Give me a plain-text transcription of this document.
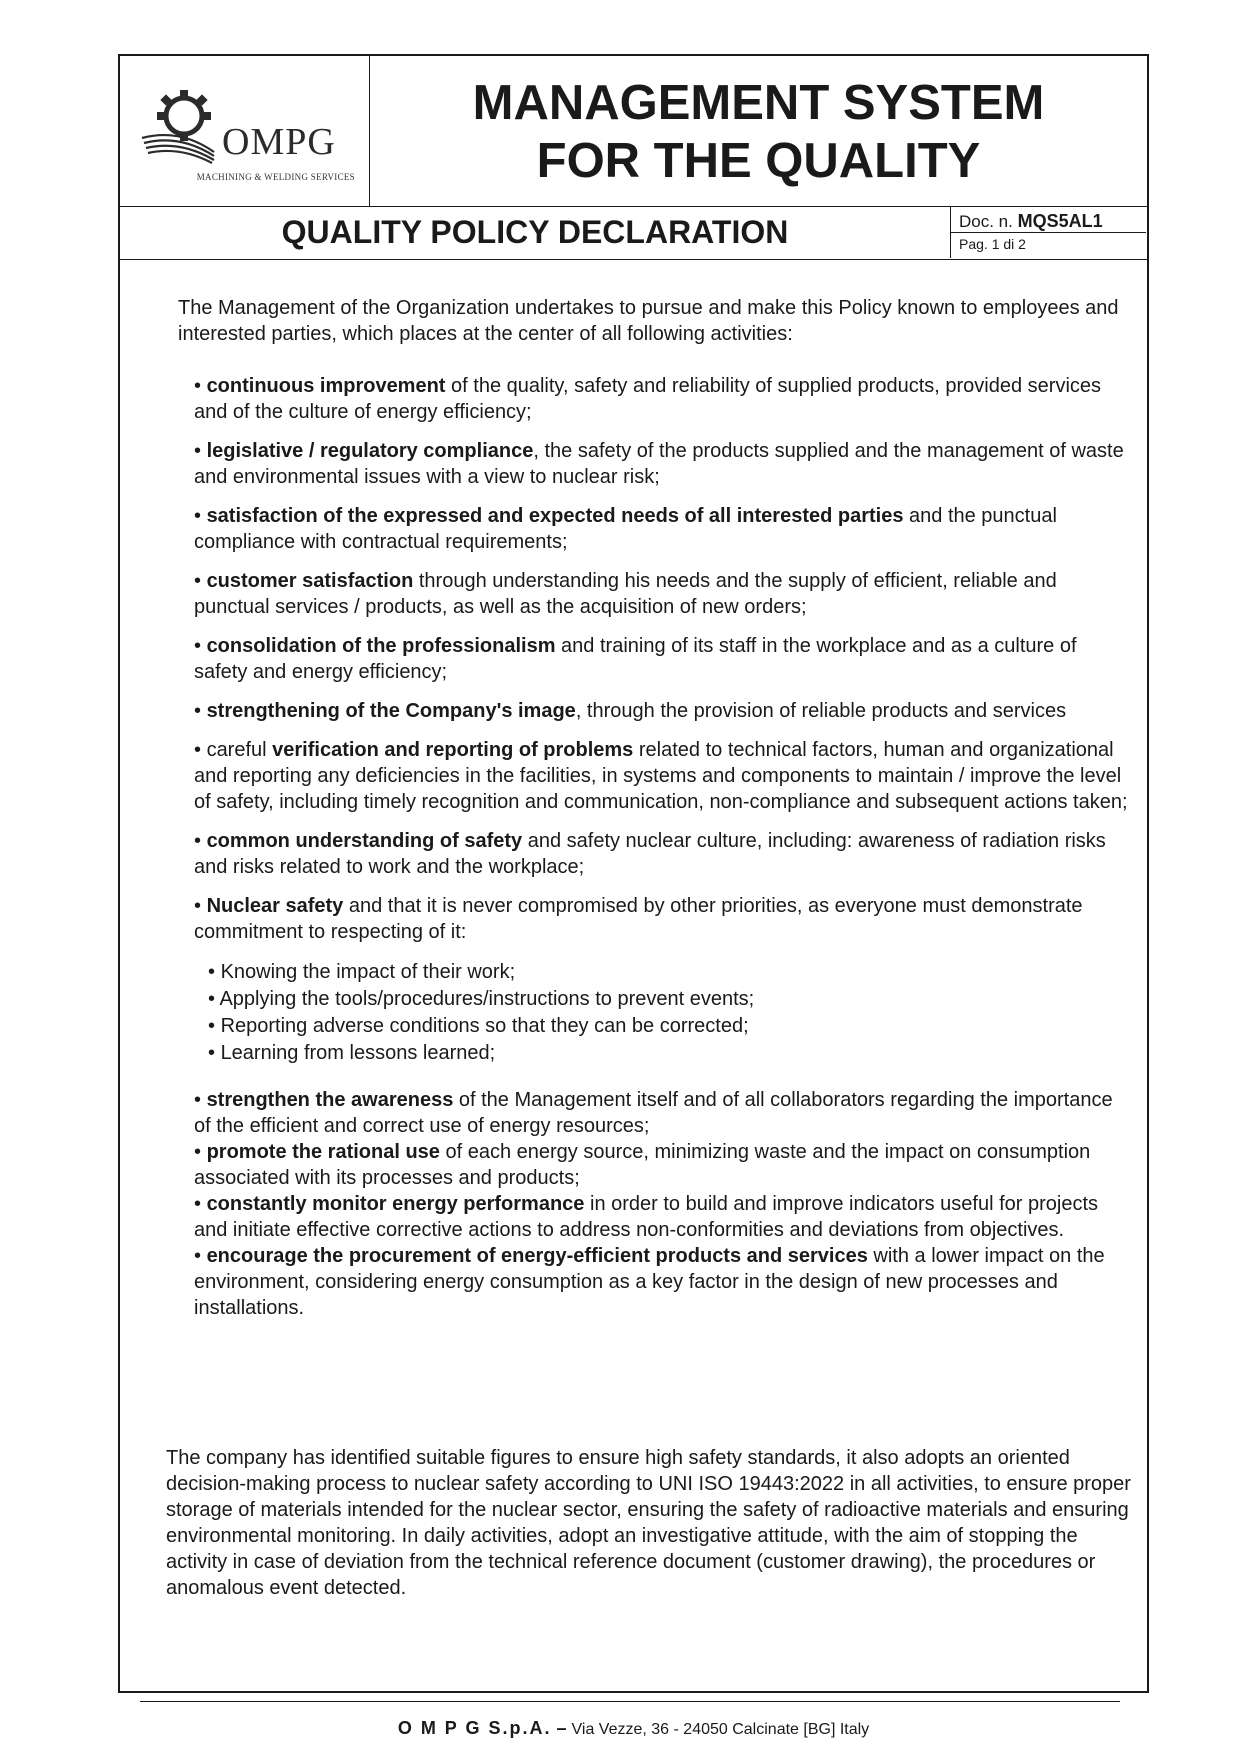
OMPG
MACHINING & WELDING SERVICES
MANAGEMENT SYSTEM
FOR THE QUALITY
QUALITY POLICY DECLARATION	Doc. n. MQS5AL1
Pag. 1 di 2

The Management of the Organization undertakes to pursue and make this Policy known to employees and interested parties, which places at the center of all following activities:

• continuous improvement of the quality, safety and reliability of supplied products, provided services and of the culture of energy efficiency;

• legislative / regulatory compliance, the safety of the products supplied and the management of waste and environmental issues with a view to nuclear risk;

• satisfaction of the expressed and expected needs of all interested parties and the punctual compliance with contractual requirements;

• customer satisfaction through understanding his needs and the supply of efficient, reliable and punctual services / products, as well as the acquisition of new orders;

• consolidation of the professionalism and training of its staff in the workplace and as a culture of safety and energy efficiency;

• strengthening of the Company's image, through the provision of reliable products and services

• careful verification and reporting of problems related to technical factors, human and organizational and reporting any deficiencies in the facilities, in systems and components to maintain / improve the level of safety, including timely recognition and communication, non-compliance and subsequent actions taken;

• common understanding of safety and safety nuclear culture, including: awareness of radiation risks and risks related to work and the workplace;

• Nuclear safety and that it is never compromised by other priorities, as everyone must demonstrate commitment to respecting of it:

• Knowing the impact of their work;
• Applying the tools/procedures/instructions to prevent events;
• Reporting adverse conditions so that they can be corrected;
• Learning from lessons learned;

• strengthen the awareness of the Management itself and of all collaborators regarding the importance of the efficient and correct use of energy resources;

• promote the rational use of each energy source, minimizing waste and the impact on consumption associated with its processes and products;

• constantly monitor energy performance in order to build and improve indicators useful for projects and initiate effective corrective actions to address non-conformities and deviations from objectives.

• encourage the procurement of energy-efficient products and services with a lower impact on the environment, considering energy consumption as a key factor in the design of new processes and installations.

The company has identified suitable figures to ensure high safety standards, it also adopts an oriented decision-making process to nuclear safety according to UNI ISO 19443:2022 in all activities, to ensure proper storage of materials intended for the nuclear sector, ensuring the safety of radioactive materials and ensuring environmental monitoring. In daily activities, adopt an investigative attitude, with the aim of stopping the activity in case of deviation from the technical reference document (customer drawing), the procedures or anomalous event detected.

O M P G S.p.A. – Via Vezze, 36 - 24050 Calcinate [BG] Italy
